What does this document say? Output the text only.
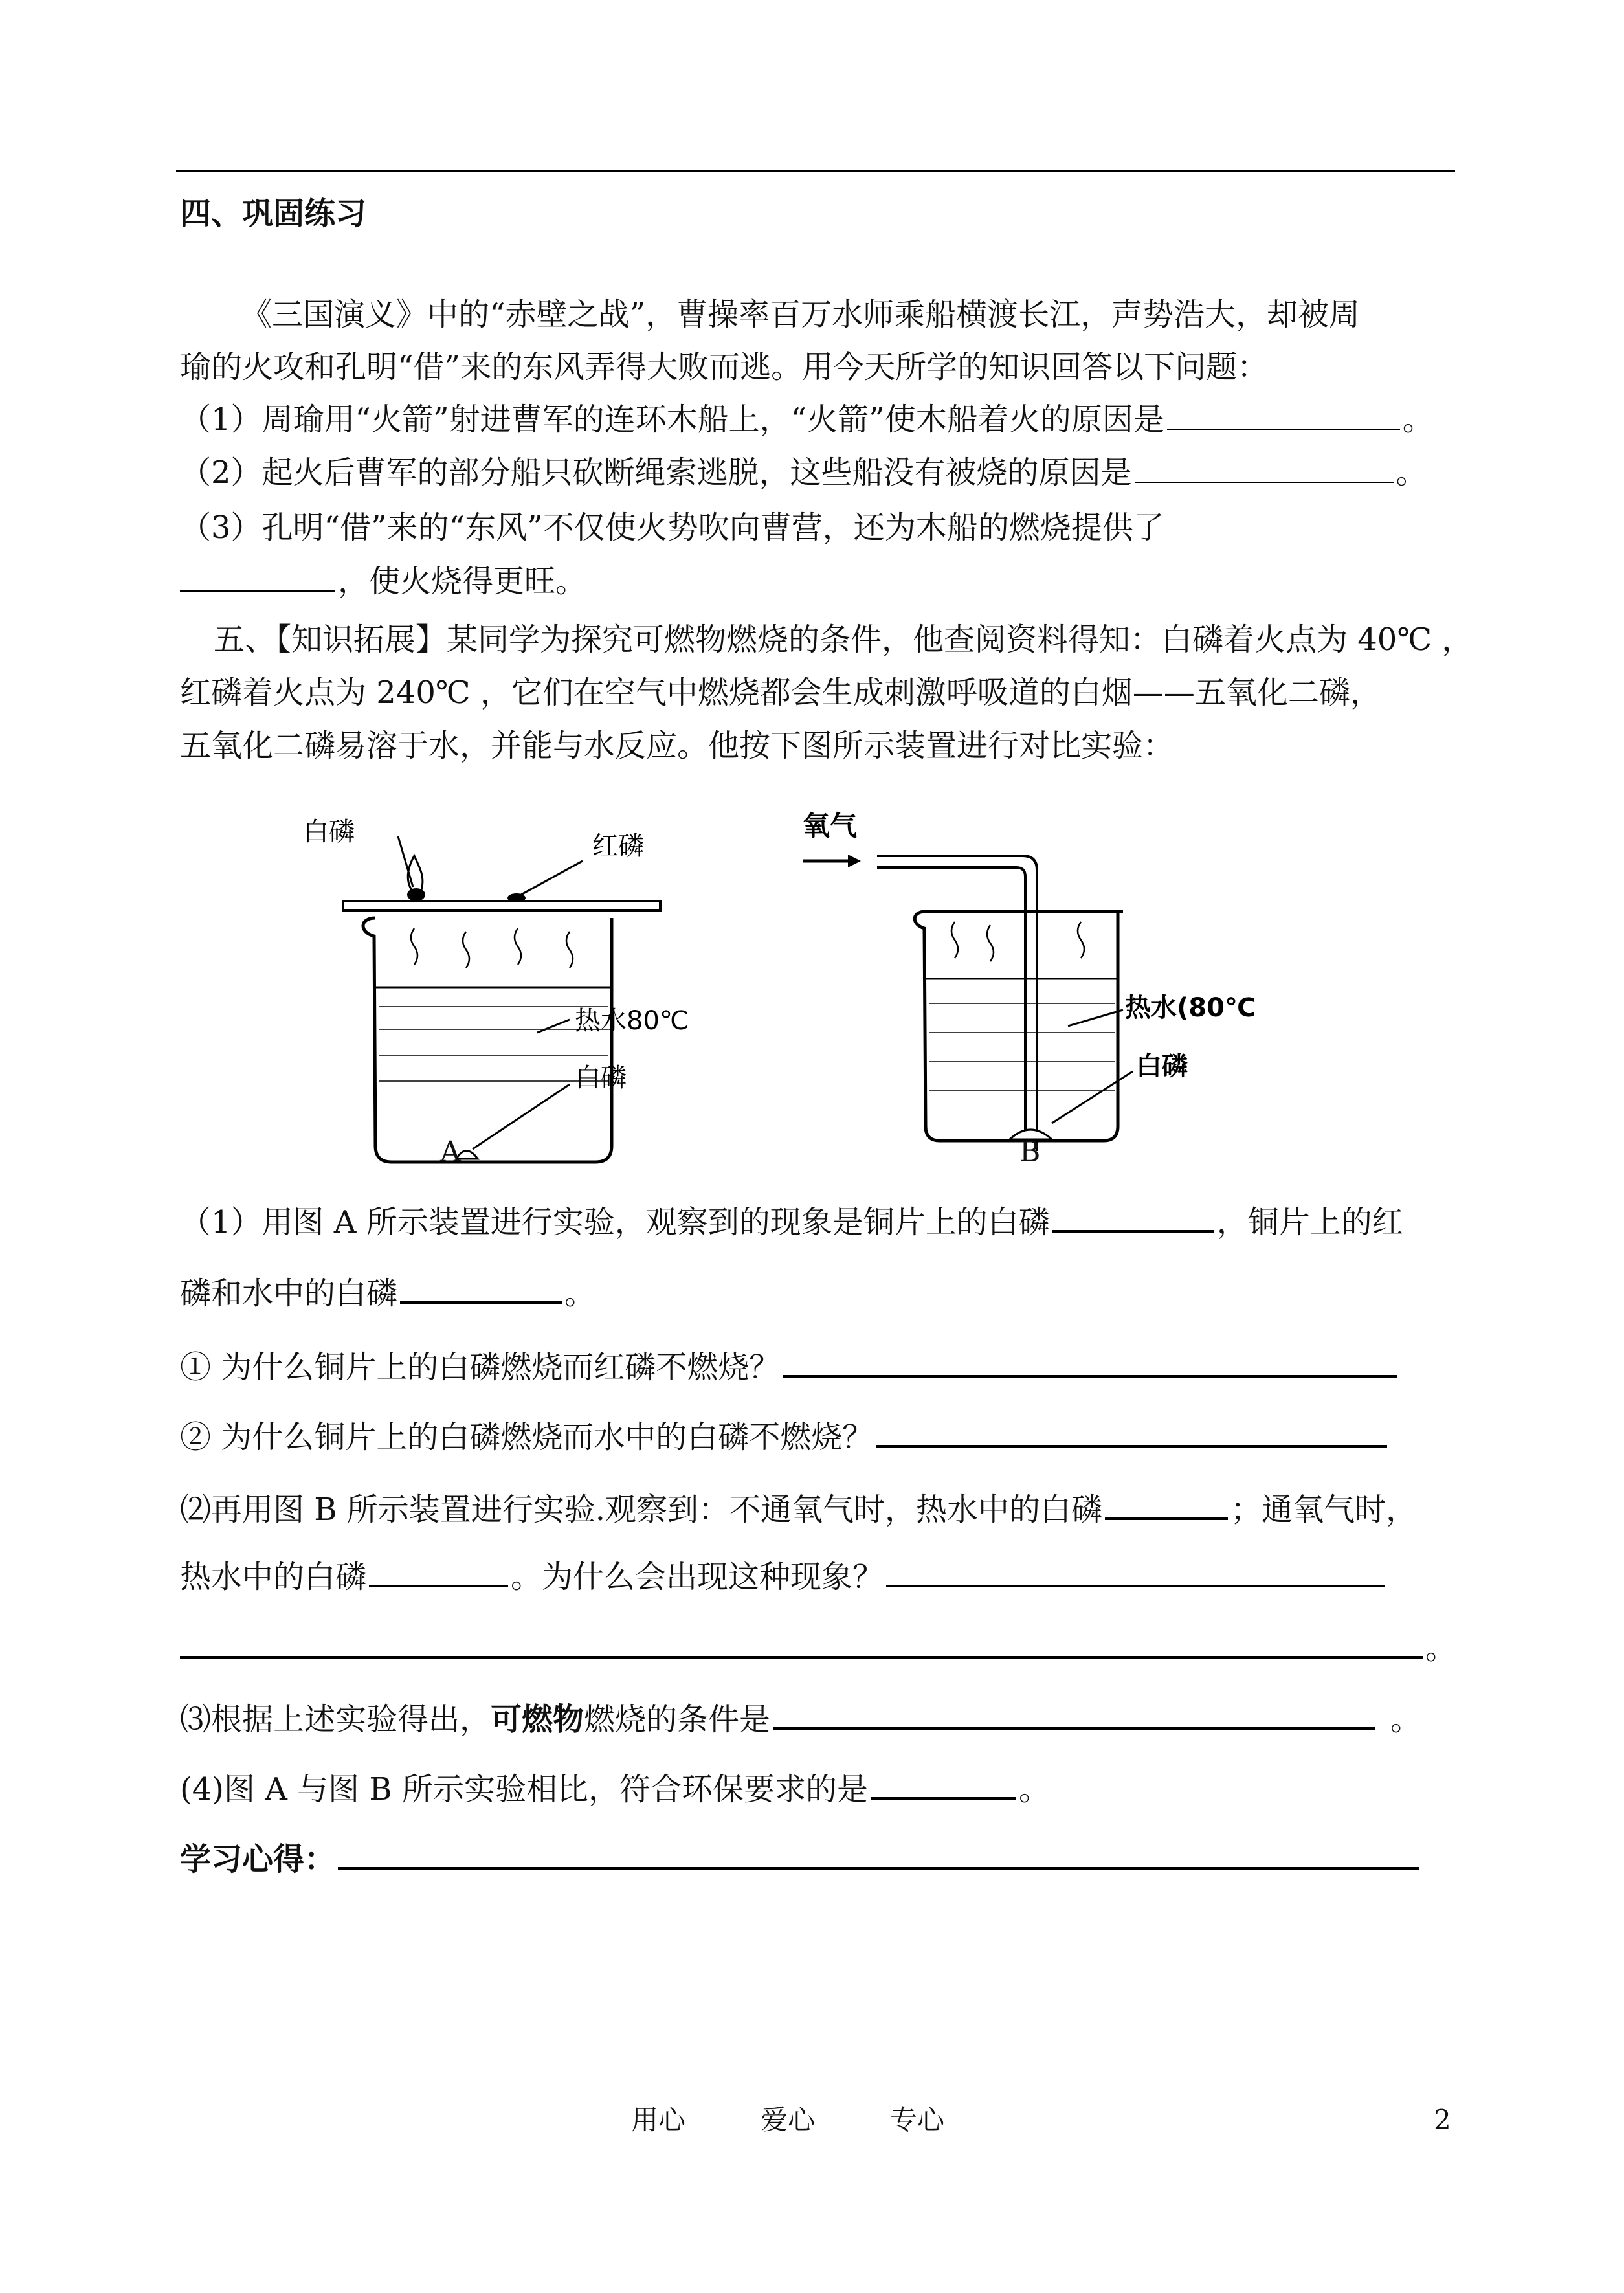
四、巩固练习
《三国演义》中的“赤壁之战”，曹操率百万水师乘船横渡长江，声势浩大，却被周
瑜的火攻和孔明“借”来的东风弄得大败而逃。用今天所学的知识回答以下问题：
（1）周瑜用“火箭”射进曹军的连环木船上，“火箭”使木船着火的原因是	。
（2）起火后曹军的部分船只砍断绳索逃脱，这些船没有被烧的原因是	。
（3）孔明“借”来的“东风”不仅使火势吹向曹营，还为木船的燃烧提供了
，使火烧得更旺。
五、【知识拓展】某同学为探究可燃物燃烧的条件，他查阅资料得知：白磷着火点为 40℃ ，
红磷着火点为 240℃ ，它们在空气中燃烧都会生成刺激呼吸道的白烟——五氧化二磷，
五氧化二磷易溶于水，并能与水反应。他按下图所示装置进行对比实验：
白磷	红磷
热水80℃
白磷
A
氧气
热水(80℃
白磷
B
（1）用图 A 所示装置进行实验，观察到的现象是铜片上的白磷	，铜片上的红
磷和水中的白磷	。
① 为什么铜片上的白磷燃烧而红磷不燃烧？
② 为什么铜片上的白磷燃烧而水中的白磷不燃烧？
⑵再用图 B 所示装置进行实验.观察到：不通氧气时，热水中的白磷	；通氧气时，
热水中的白磷	。为什么会出现这种现象？
。
⑶根据上述实验得出，可燃物燃烧的条件是	。
(4)图 A 与图 B 所示实验相比，符合环保要求的是	。
学习心得：
用心	爱心	专心	2
